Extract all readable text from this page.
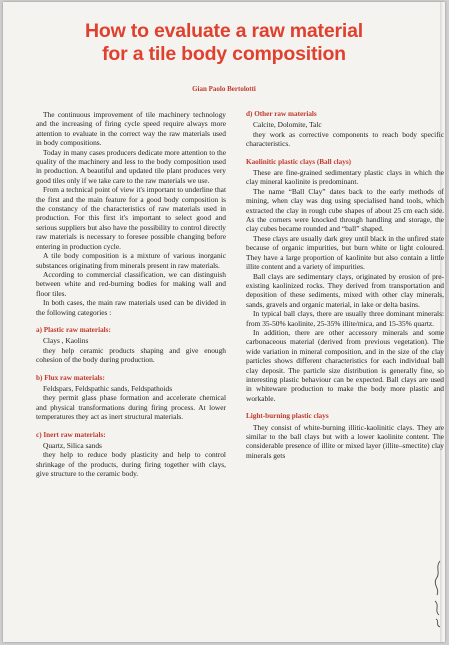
How to evaluate a raw material
for a tile body composition
Gian Paolo Bertolotti

The continuous improvement of tile machinery technology and the increasing of firing cycle speed require always more attention to evaluate in the correct way the raw materials used in body compositions.

Today in many cases producers dedicate more attention to the quality of the machinery and less to the body composition used in production. A beautiful and updated tile plant produces very good tiles only if we take care to the raw materials we use.

From a technical point of view it's important to underline that the first and the main feature for a good body composition is the constancy of the characteristics of raw materials used in production. For this first it's important to select good and serious suppliers but also have the possibility to control directly raw materials is necessary to foresee possible changing before entering in production cycle.

A tile body composition is a mixture of various inorganic substances originating from minerals present in raw materials.

According to commercial classification, we can distinguish between white and red-burning bodies for making wall and floor tiles.

In both cases, the main raw materials used can be divided in the following categories :

a) Plastic raw materials:

Clays , Kaolins

they help ceramic products shaping and give enough cohesion of the body during production.

b) Flux raw materials:

Feldspars, Feldspathic sands, Feldspathoids

they permit glass phase formation and accelerate chemical and physical transformations during firing process. At lower temperatures they act as inert structural materials.

c) Inert raw materials:

Quartz, Silica sands

they help to reduce body plasticity and help to control shrinkage of the products, during firing together with clays, give structure to the ceramic body.

d) Other raw materials

Calcite, Dolomite, Talc

they work as corrective components to reach body specific characteristics.

Kaolinitic plastic clays (Ball clays)

These are fine-grained sedimentary plastic clays in which the clay mineral kaolinite is predominant.

The name “Ball Clay” dates back to the early methods of mining, when clay was dug using specialised hand tools, which extracted the clay in rough cube shapes of about 25 cm each side. As the corners were knocked through handling and storage, the clay cubes became rounded and “ball” shaped.

These clays are usually dark grey until black in the unfired state because of organic impurities, but burn white or light coloured. They have a large proportion of kaolinite but also contain a little illite content and a variety of impurities.

Ball clays are sedimentary clays, originated by erosion of pre-existing kaolinized rocks. They derived from transportation and deposition of these sediments, mixed with other clay minerals, sands, gravels and organic material, in lake or delta basins.

In typical ball clays, there are usually three dominant minerals: from 35-50% kaolinite, 25-35% illite/mica, and 15-35% quartz.

In addition, there are other accessory minerals and some carbonaceous material (derived from previous vegetation). The wide variation in mineral composition, and in the size of the clay particles shows different characteristics for each individual ball clay deposit. The particle size distribution is generally fine, so interesting plastic behaviour can be expected. Ball clays are used in whiteware production to make the body more plastic and workable.

Light-burning plastic clays

They consist of white-burning illitic-kaolinitic clays. They are similar to the ball clays but with a lower kaolinite content. The considerable presence of illite or mixed layer (illite–smectite) clay minerals gets
